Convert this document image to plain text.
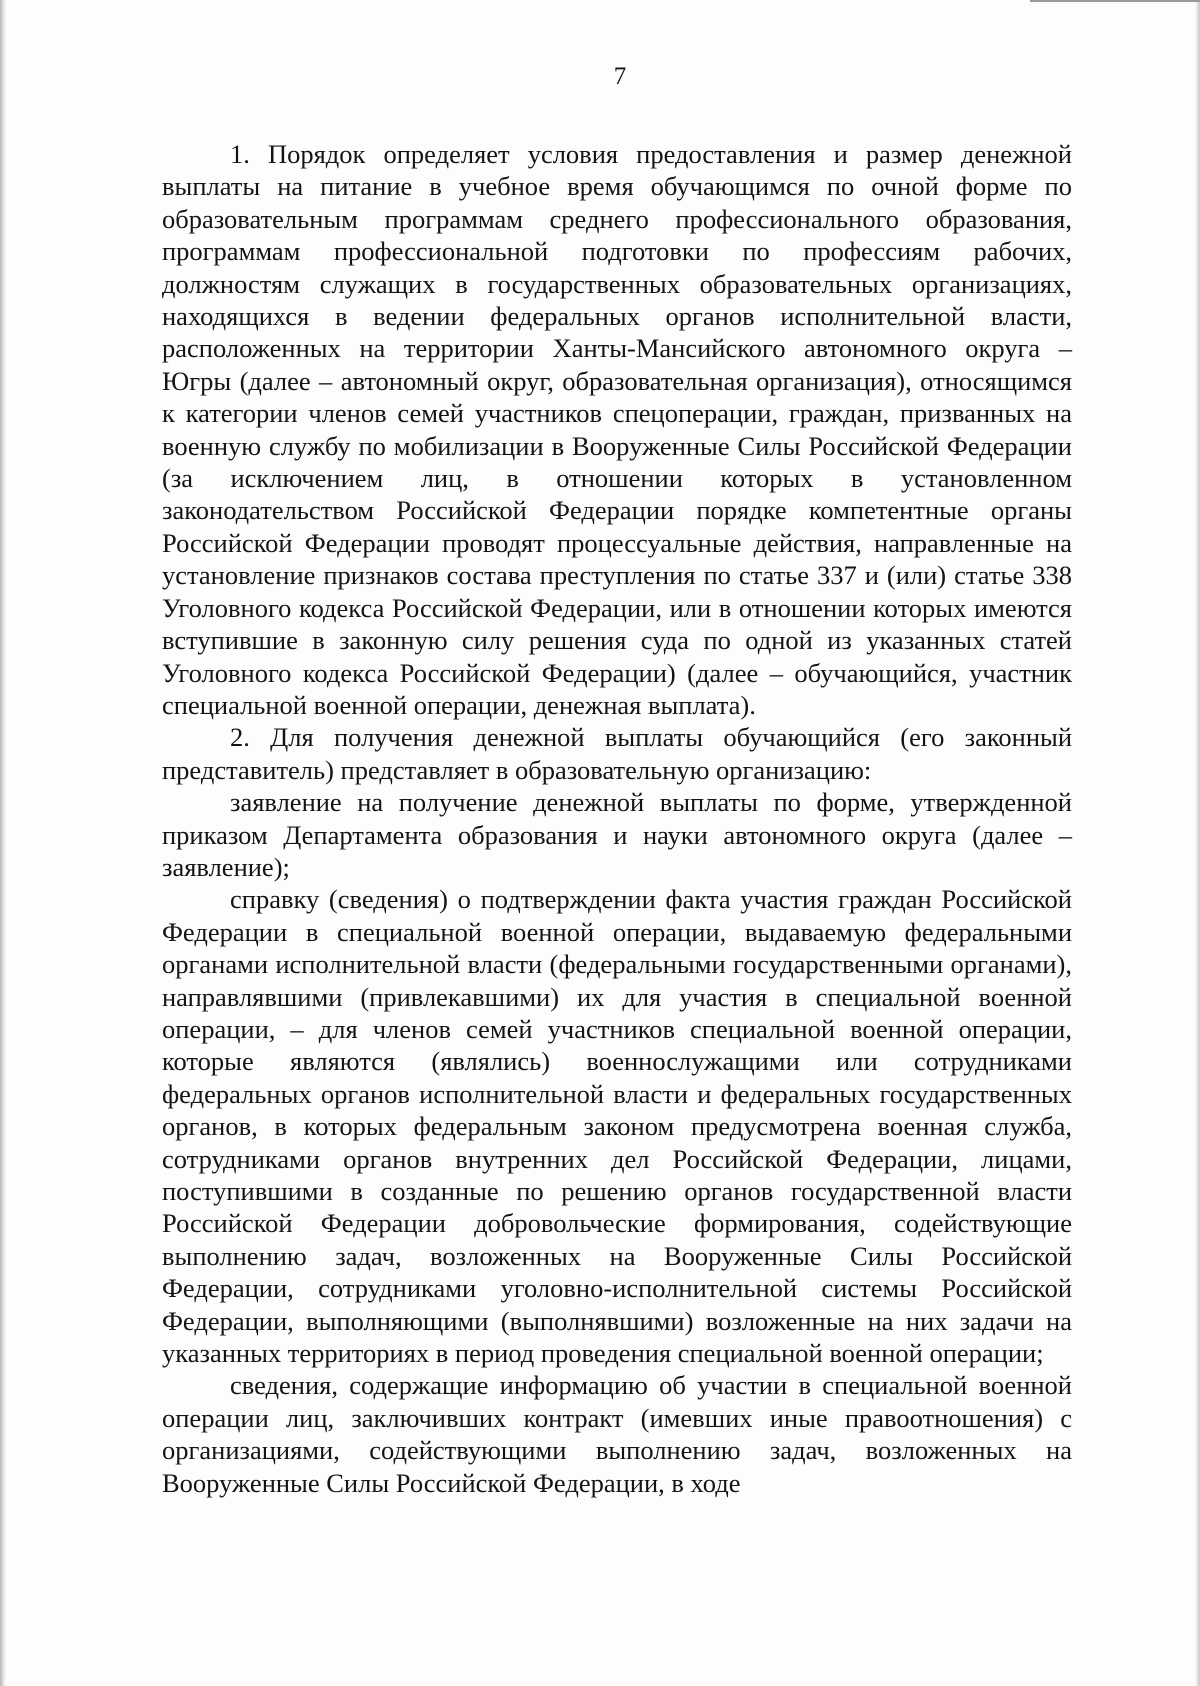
7

1. Порядок определяет условия предоставления и размер денежной выплаты на питание в учебное время обучающимся по очной форме по образовательным программам среднего профессионального образования, программам профессиональной подготовки по профессиям рабочих, должностям служащих в государственных образовательных организациях, находящихся в ведении федеральных органов исполнительной власти, расположенных на территории Ханты-Мансийского автономного округа – Югры (далее – автономный округ, образовательная организация), относящимся к категории членов семей участников спецоперации, граждан, призванных на военную службу по мобилизации в Вооруженные Силы Российской Федерации (за исключением лиц, в отношении которых в установленном законодательством Российской Федерации порядке компетентные органы Российской Федерации проводят процессуальные действия, направленные на установление признаков состава преступления по статье 337 и (или) статье 338 Уголовного кодекса Российской Федерации, или в отношении которых имеются вступившие в законную силу решения суда по одной из указанных статей Уголовного кодекса Российской Федерации) (далее – обучающийся, участник специальной военной операции, денежная выплата).

2. Для получения денежной выплаты обучающийся (его законный представитель) представляет в образовательную организацию:

заявление на получение денежной выплаты по форме, утвержденной приказом Департамента образования и науки автономного округа (далее – заявление);

справку (сведения) о подтверждении факта участия граждан Российской Федерации в специальной военной операции, выдаваемую федеральными органами исполнительной власти (федеральными государственными органами), направлявшими (привлекавшими) их для участия в специальной военной операции, – для членов семей участников специальной военной операции, которые являются (являлись) военнослужащими или сотрудниками федеральных органов исполнительной власти и федеральных государственных органов, в которых федеральным законом предусмотрена военная служба, сотрудниками органов внутренних дел Российской Федерации, лицами, поступившими в созданные по решению органов государственной власти Российской Федерации добровольческие формирования, содействующие выполнению задач, возложенных на Вооруженные Силы Российской Федерации, сотрудниками уголовно-исполнительной системы Российской Федерации, выполняющими (выполнявшими) возложенные на них задачи на указанных территориях в период проведения специальной военной операции;

сведения, содержащие информацию об участии в специальной военной операции лиц, заключивших контракт (имевших иные правоотношения) с организациями, содействующими выполнению задач, возложенных на Вооруженные Силы Российской Федерации, в ходе
